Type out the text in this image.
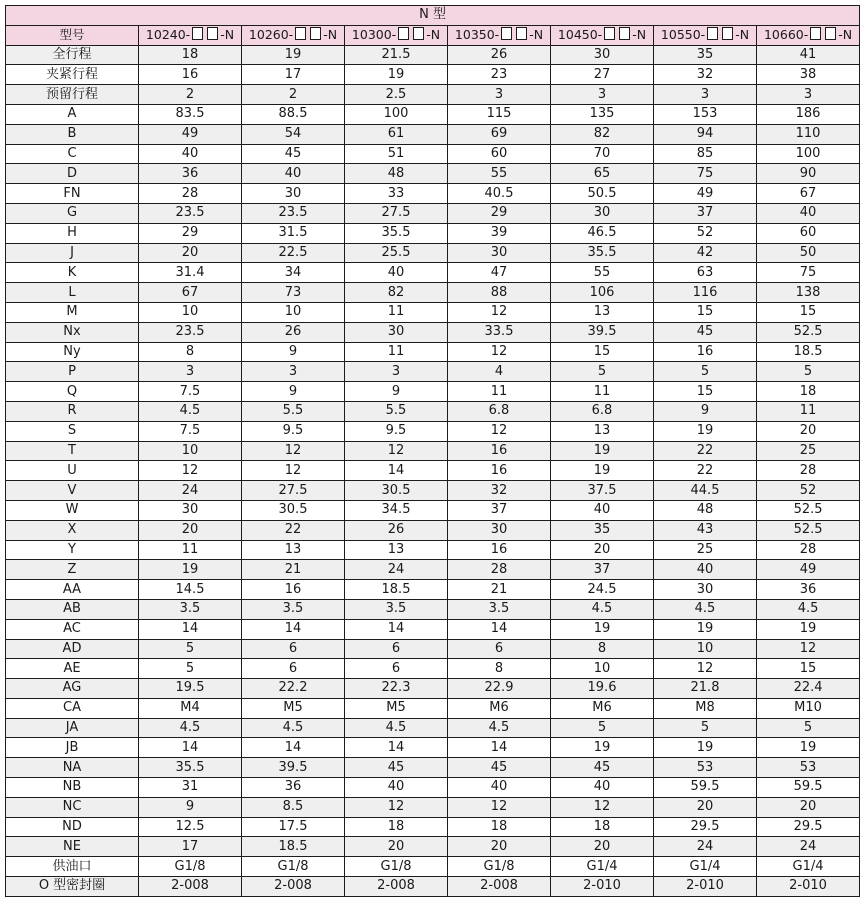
N 型							
型号	10240- -N	10260- -N	10300- -N	10350- -N	10450- -N	10550- -N	10660- -N
全行程	18	19	21.5	26	30	35	41
夹紧行程	16	17	19	23	27	32	38
预留行程	2	2	2.5	3	3	3	3
A	83.5	88.5	100	115	135	153	186
B	49	54	61	69	82	94	110
C	40	45	51	60	70	85	100
D	36	40	48	55	65	75	90
FN	28	30	33	40.5	50.5	49	67
G	23.5	23.5	27.5	29	30	37	40
H	29	31.5	35.5	39	46.5	52	60
J	20	22.5	25.5	30	35.5	42	50
K	31.4	34	40	47	55	63	75
L	67	73	82	88	106	116	138
M	10	10	11	12	13	15	15
Nx	23.5	26	30	33.5	39.5	45	52.5
Ny	8	9	11	12	15	16	18.5
P	3	3	3	4	5	5	5
Q	7.5	9	9	11	11	15	18
R	4.5	5.5	5.5	6.8	6.8	9	11
S	7.5	9.5	9.5	12	13	19	20
T	10	12	12	16	19	22	25
U	12	12	14	16	19	22	28
V	24	27.5	30.5	32	37.5	44.5	52
W	30	30.5	34.5	37	40	48	52.5
X	20	22	26	30	35	43	52.5
Y	11	13	13	16	20	25	28
Z	19	21	24	28	37	40	49
AA	14.5	16	18.5	21	24.5	30	36
AB	3.5	3.5	3.5	3.5	4.5	4.5	4.5
AC	14	14	14	14	19	19	19
AD	5	6	6	6	8	10	12
AE	5	6	6	8	10	12	15
AG	19.5	22.2	22.3	22.9	19.6	21.8	22.4
CA	M4	M5	M5	M6	M6	M8	M10
JA	4.5	4.5	4.5	4.5	5	5	5
JB	14	14	14	14	19	19	19
NA	35.5	39.5	45	45	45	53	53
NB	31	36	40	40	40	59.5	59.5
NC	9	8.5	12	12	12	20	20
ND	12.5	17.5	18	18	18	29.5	29.5
NE	17	18.5	20	20	20	24	24
供油口	G1/8	G1/8	G1/8	G1/8	G1/4	G1/4	G1/4
O 型密封圈	2-008	2-008	2-008	2-008	2-010	2-010	2-010
